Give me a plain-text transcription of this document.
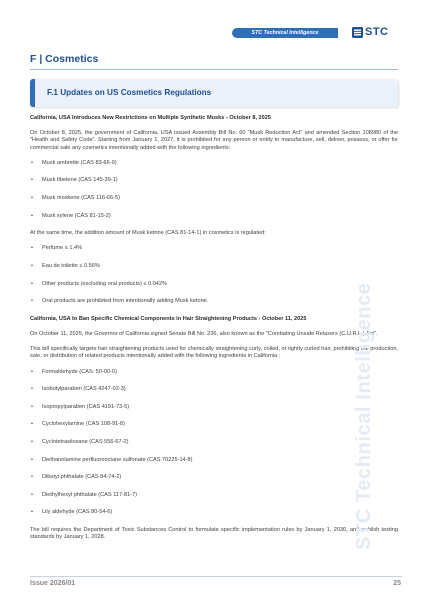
STC Technical Intelligence	STC
F | Cosmetics
F.1 Updates on US Cosmetics Regulations

California, USA Introduces New Restrictions on Multiple Synthetic Musks - October 8, 2025

On October 8, 2025, the government of California, USA issued Assembly Bill No. 60 "Musk Reduction Act" and amended Section 108980 of the "Health and Safety Code". Starting from January 1, 2027, it is prohibited for any person or entity to manufacture, sell, deliver, possess, or offer for commercial sale any cosmetics intentionally added with the following ingredients:

• Musk ambrette (CAS 83-66-9)
• Musk tibetene (CAS 145-39-1)
• Musk moskene (CAS 116-66-5)
• Musk xylene (CAS 81-15-2)

At the same time, the addition amount of Musk ketone (CAS 81-14-1) in cosmetics is regulated:

• Perfume ≤ 1.4%
• Eau de toilette ≤ 0.56%
• Other products (excluding oral products) ≤ 0.042%
• Oral products are prohibited from intentionally adding Musk ketone.

California, USA to Ban Specific Chemical Components in Hair Straightening Products - October 11, 2025

On October 11, 2025, the Governor of California signed Senate Bill No. 236, also known as the "Combating Unsafe Relaxers (C.U.R.L.) Act".

This bill specifically targets hair straightening products used for chemically straightening curly, coiled, or tightly curled hair, prohibiting the production, sale, or distribution of related products intentionally added with the following ingredients in California :

• Formaldehyde (CAS: 50-00-0)
• Isobutylparaben (CAS 4247-02-3)
• Isopropylparaben (CAS 4191-73-5)
• Cyclohexylamine (CAS 108-91-8)
• Cyclotetrasiloxane (CAS 556-67-2)
• Diethanolamine perfluorooctane sulfonate (CAS 70225-14-8)
• Dibutyl phthalate (CAS 84-74-2)
• Diethylhexyl phthalate (CAS 117-81-7)
• Lily aldehyde (CAS 80-54-6)

The bill requires the Department of Toxic Substances Control to formulate specific implementation rules by January 1, 2030, and publish testing standards by January 1, 2028.	STC Technical Intelligence
Issue 2026/01	25
